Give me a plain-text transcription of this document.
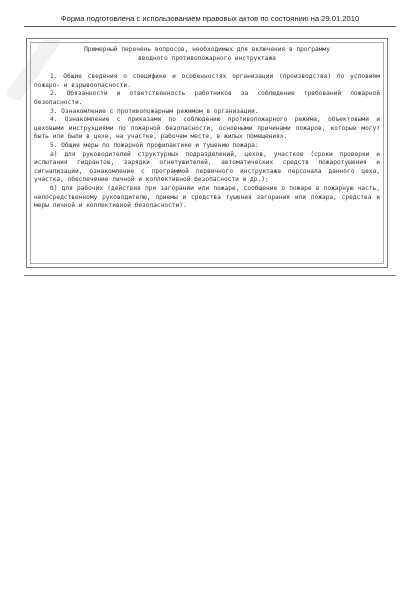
Форма подготовлена с использованием правовых актов по состоянию на 29.01.2010

Примерный перечень вопросов, необходимых для включения в программу

вводного противопожарного инструктажа

1. Общие сведения о специфике и особенностях организации (производства) по условиям пожаро- и взрывоопасности.

2. Обязанности и ответственность работников за соблюдение требований пожарной безопасности.

3. Ознакомление с противопожарным режимом в организации.

4. Ознакомление с приказами по соблюдению противопожарного режима, объектовыми и цеховыми инструкциями по пожарной безопасности, основными причинами пожаров, которые могут быть или были в цехе, на участке, рабочем месте, в жилых помещениях.

5. Общие меры по пожарной профилактике и тушению пожара:

а) для руководителей структурных подразделений, цехов, участков (сроки проверки и испытания гидрантов, зарядки огнетушителей, автоматических средств пожаротушения и сигнализации, ознакомление с программой первичного инструктажа персонала данного цеха, участка, обеспечение личной и коллективной безопасности и др.);

б) для рабочих (действия при загорании или пожаре, сообщение о пожаре в пожарную часть, непосредственному руководителю, приемы и средства тушения загорания или пожара, средства и меры личной и коллективной безопасности).
